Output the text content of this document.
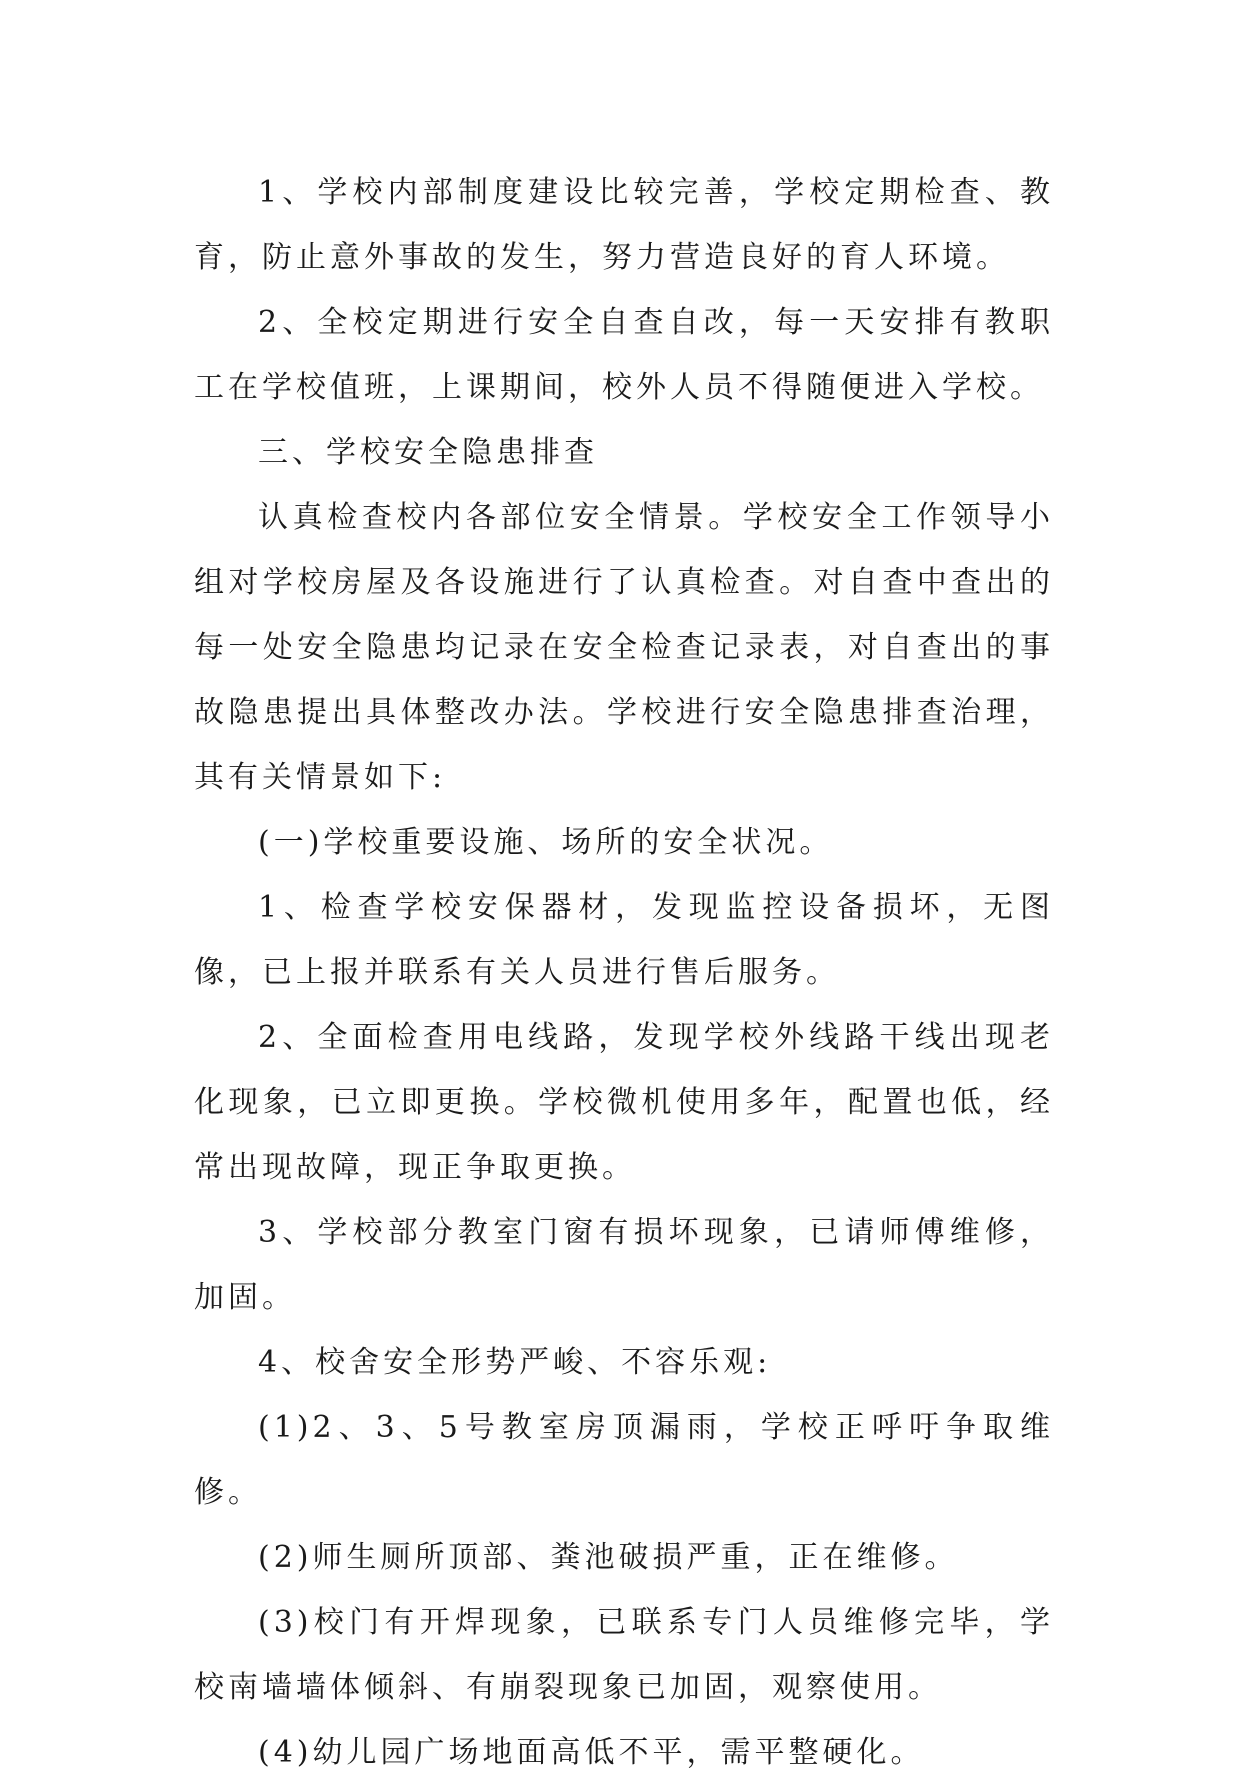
1、学校内部制度建设比较完善，学校定期检查、教育，防止意外事故的发生，努力营造良好的育人环境。

2、全校定期进行安全自查自改，每一天安排有教职工在学校值班，上课期间，校外人员不得随便进入学校。

三、学校安全隐患排查

认真检查校内各部位安全情景。学校安全工作领导小组对学校房屋及各设施进行了认真检查。对自查中查出的每一处安全隐患均记录在安全检查记录表，对自查出的事故隐患提出具体整改办法。学校进行安全隐患排查治理，其有关情景如下:

(一)学校重要设施、场所的安全状况。

1、检查学校安保器材，发现监控设备损坏，无图像，已上报并联系有关人员进行售后服务。

2、全面检查用电线路，发现学校外线路干线出现老化现象，已立即更换。学校微机使用多年，配置也低，经常出现故障，现正争取更换。

3、学校部分教室门窗有损坏现象，已请师傅维修，加固。

4、校舍安全形势严峻、不容乐观:

(1)2、3、5号教室房顶漏雨，学校正呼吁争取维修。

(2)师生厕所顶部、粪池破损严重，正在维修。

(3)校门有开焊现象，已联系专门人员维修完毕，学校南墙墙体倾斜、有崩裂现象已加固，观察使用。

(4)幼儿园广场地面高低不平，需平整硬化。
